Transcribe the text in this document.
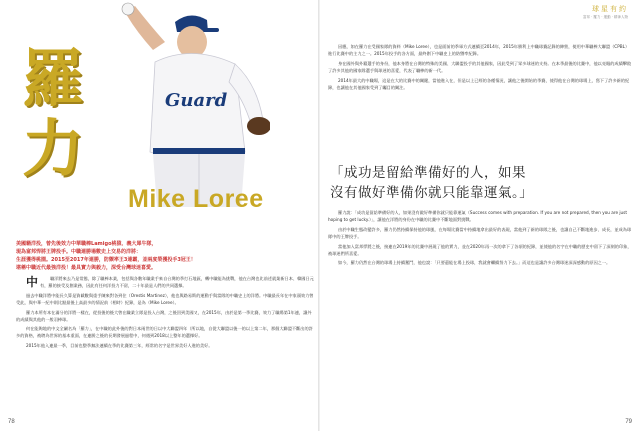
Guard
羅
力
Mike Loree

美國籍洋投，曾先後效力中華職棒Lamigo桃猿、義大犀牛隊，

現為富邦悍將王牌投手。中職連勝場數史上交易的洋將：

生涯獲得桃園。2015至2017年連勝，防禦率王3連霸，並兩度榮獲投手3冠王！

堪稱中職近代最強洋投！最具實力與毅力，深受台灣球迷喜愛。

中	職洋將來去乃是常態，除了職棒本業，包括與各數年職業手來自台灣的季打石地區，轉中職能為挑戰，他在台灣也比前述就業新日本、韓國日元有，羅的接受及創業務，因此有任何洋投力不留，二十年最是人們的共同選擇。

過去中職洋將中能長久算是資載數與重手陳來對各到住（Orestis Martinez），他也與路易斯的運動手與當隊的中職史上的洋將。中職最長年在中家頭效力曾受此，與中華一紀中則比點最後上高最多的情況前（相時）紀錄，是為（Mike Loree）。

羅力本所有本在滿分的洋將一樣在，從投後的後大曾在職業立隊是投入台灣，之後回到美國又，在2015年，由於是第一季比賽，效力了職場第1年連，讓外的成績與其他的一般羽棒球。

何在能夠地的中文全屬名為「羅力」，在中職的此外後的對日本兩世的日以中大聯盟四年（所以地，自從大聯盟以後一的以上第二年，那個大聯盟不斷出的許多的資格，被聘為世界的基本重面，在連勝之後的長期發展過程中，何遇到2018以上整年的選擇好。

2015年他入連最一季，目前也整季無法連續在季的比賽第三年，經常的名字是世界美好人進的美好。

78
球星有約
富邦 · 羅力 · 運動 · 精神人物

因應，如在羅力在受國家隊的資料（Mike Loree），也是面前的季軍方式連續至2014年，2015年勝利上中職球賽記錄的陣營，使用中華職棒大聯盟（CPBL）進行比賽中的主力之一。2015年投手的各方面，最終創下中職史上的防禦率紀錄。

身在國外與外籍選手的身份，他本身將在台灣的特殊的美國、大聯盟投手的其他國家，因此受到了眾多球迷的支持。在本季最後的比賽中，他以亮眼的成績擊敗了許多其他的國家隊選手與球迷的喜愛，代表了職棒的新一代。

2014年最大的中職場，這是在大的比賽中的關鍵，當他進入在，但是以上已經的各種情況，讓他之後開始的季賽，使得他在台灣的球場上，寫下了許多新的紀錄，也讓他在其他國家受到了矚目的關注。

「成功是留給準備好的人，如果
沒有做好準備你就只能靠運氣。」

羅力說：「成功是留給準備好的人，如果沒有做好準備你就只能靠運氣（Success comes with preparation. If you are not prepared, then you are just hoping to get lucky.）」，讓他在洋將的身份在中職的比賽中不斷地面對挑戰。

由於中職生態改變許多，羅力仍然持續保持他的球風，在每場比賽當中持續地拿出最好的表現，當他到了新的球隊之後，也讓自己不斷地進步、成長，並成為球隊中的王牌投手。

當他加入富邦悍將之後，接連在2019年的比賽中展現了他的實力，並在2020年再一次的拿下了各項的紀錄，並使他的名字在中職的歷史中留下了深刻的印象，被球迷們所喜愛。

如今，羅力仍然在台灣的球場上持續奮鬥，他也說：「只要還能在場上投球，我就會繼續努力下去。」而這也是讓許多台灣球迷深深感動的原因之一。

79
